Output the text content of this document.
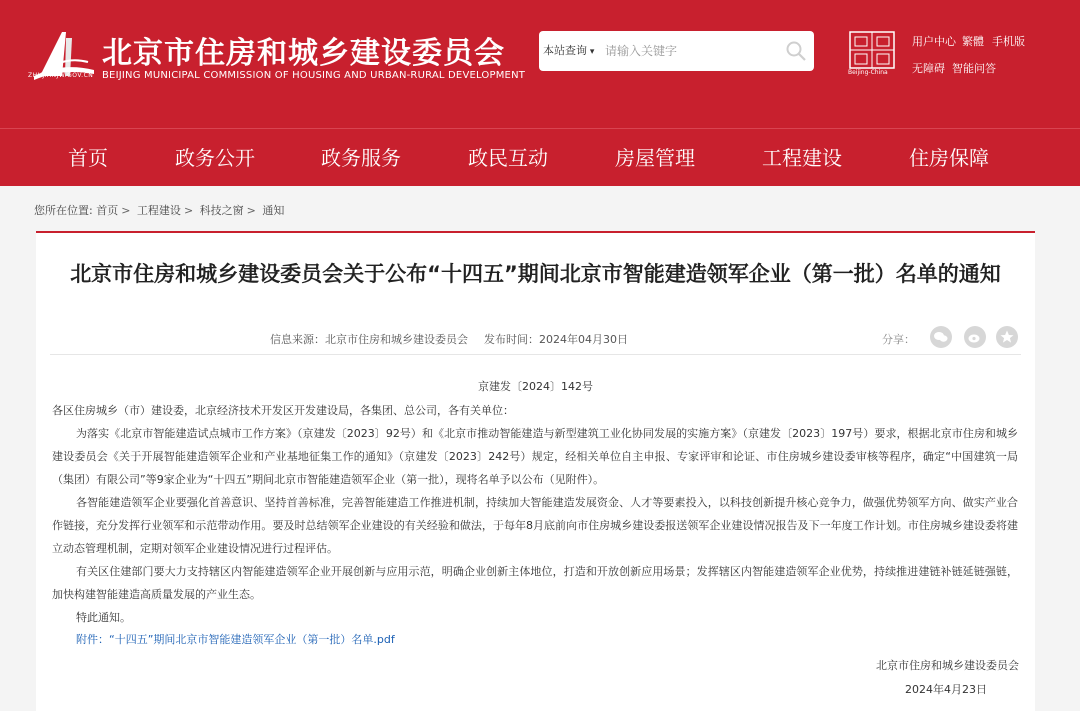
ZHUJIANJW.GOV.CN
北京市住房和城乡建设委员会
BEIJING MUNICIPAL COMMISSION OF HOUSING AND URBAN-RURAL DEVELOPMENT
本站查询 ▾
请输入关键字
Beijing-China
用户中心 繁體 手机版
无障碍 智能问答
首页	政务公开	政务服务	政民互动	房屋管理	工程建设	住房保障
您所在位置: 首页 > 工程建设 > 科技之窗 > 通知
北京市住房和城乡建设委员会关于公布“十四五”期间北京市智能建造领军企业（第一批）名单的通知
信息来源：北京市住房和城乡建设委员会 发布时间：2024年04月30日	分享：
京建发〔2024〕142号
各区住房城乡（市）建设委，北京经济技术开发区开发建设局，各集团、总公司，各有关单位：
为落实《北京市智能建造试点城市工作方案》（京建发〔2023〕92号）和《北京市推动智能建造与新型建筑工业化协同发展的实施方案》（京建发〔2023〕197号）要求，根据北京市住房和城乡建设委员会《关于开展智能建造领军企业和产业基地征集工作的通知》（京建发〔2023〕242号）规定，经相关单位自主申报、专家评审和论证、市住房城乡建设委审核等程序，确定“中国建筑一局（集团）有限公司”等9家企业为“十四五”期间北京市智能建造领军企业（第一批），现将名单予以公布（见附件）。
各智能建造领军企业要强化首善意识、坚持首善标准，完善智能建造工作推进机制，持续加大智能建造发展资金、人才等要素投入，以科技创新提升核心竞争力，做强优势领军方向、做实产业合作链接，充分发挥行业领军和示范带动作用。要及时总结领军企业建设的有关经验和做法，于每年8月底前向市住房城乡建设委报送领军企业建设情况报告及下一年度工作计划。市住房城乡建设委将建立动态管理机制，定期对领军企业建设情况进行过程评估。
有关区住建部门要大力支持辖区内智能建造领军企业开展创新与应用示范，明确企业创新主体地位，打造和开放创新应用场景；发挥辖区内智能建造领军企业优势，持续推进建链补链延链强链，加快构建智能建造高质量发展的产业生态。
特此通知。
附件：“十四五”期间北京市智能建造领军企业（第一批）名单.pdf
北京市住房和城乡建设委员会
2024年4月23日
